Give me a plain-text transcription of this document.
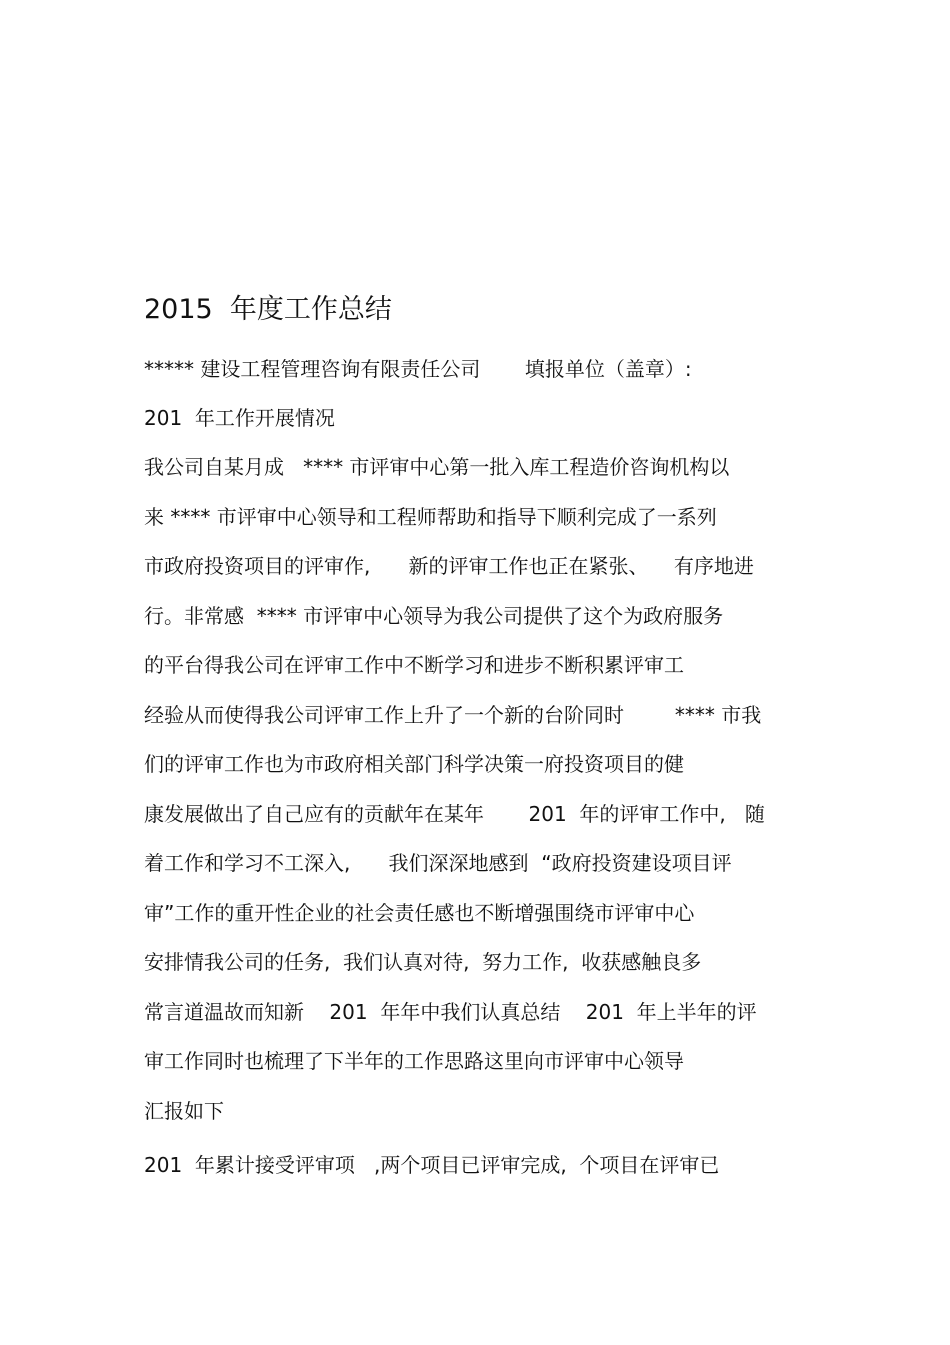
2015  年度工作总结
***** 建设工程管理咨询有限责任公司       填报单位（盖章）:
201  年工作开展情况
我公司自某月成   **** 市评审中心第一批入库工程造价咨询机构以
来 **** 市评审中心领导和工程师帮助和指导下顺利完成了一系列
市政府投资项目的评审作,      新的评审工作也正在紧张、    有序地进
行。非常感  **** 市评审中心领导为我公司提供了这个为政府服务
的平台得我公司在评审工作中不断学习和进步不断积累评审工
经验从而使得我公司评审工作上升了一个新的台阶同时        **** 市我
们的评审工作也为市政府相关部门科学决策一府投资项目的健
康发展做出了自己应有的贡献年在某年       201  年的评审工作中,   随
着工作和学习不工深入,      我们深深地感到  “政府投资建设项目评
审”工作的重开性企业的社会责任感也不断增强围绕市评审中心
安排情我公司的任务,  我们认真对待,  努力工作,  收获感触良多
常言道温故而知新    201  年年中我们认真总结    201  年上半年的评
审工作同时也梳理了下半年的工作思路这里向市评审中心领导
汇报如下
201  年累计接受评审项   ,两个项目已评审完成,  个项目在评审已
